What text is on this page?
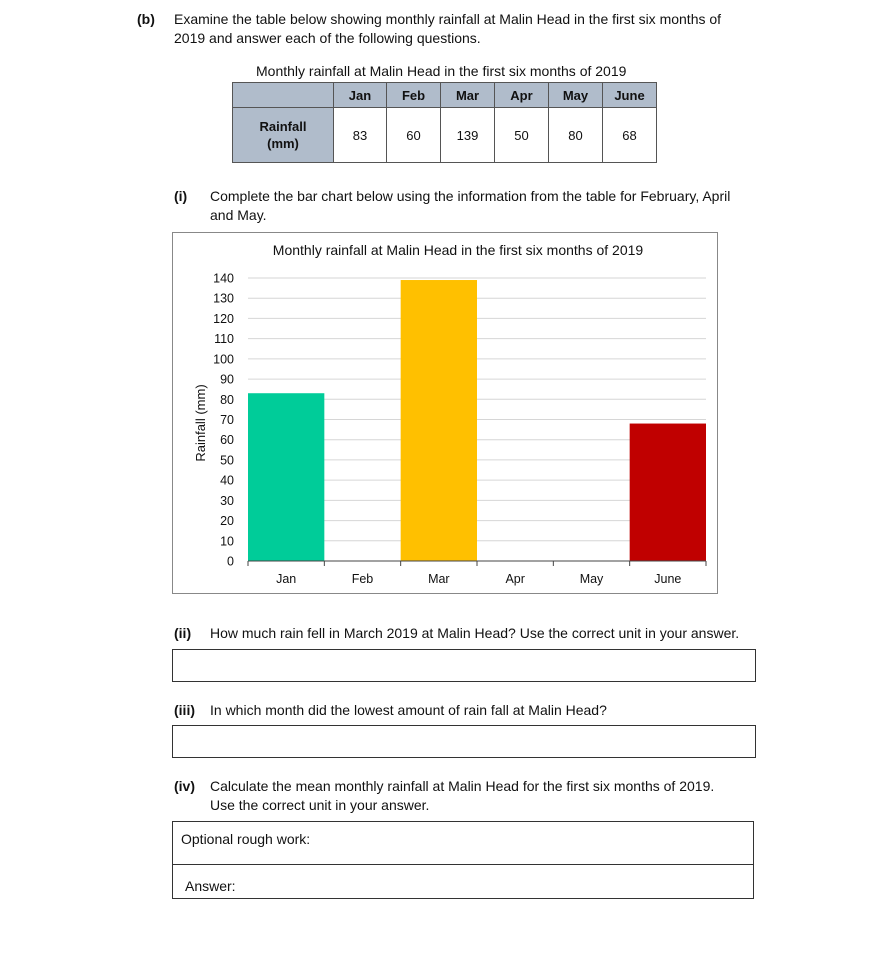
(b) Examine the table below showing monthly rainfall at Malin Head in the first six months of
2019 and answer each of the following questions.
Monthly rainfall at Malin Head in the first six months of 2019
	Jan	Feb	Mar	Apr	May	June
Rainfall
(mm)	83	60	139	50	80	68
(i) Complete the bar chart below using the information from the table for February, April
and May.
Monthly rainfall at Malin Head in the first six months of 2019
Rainfall (mm)
0
10
20
30
40
50
60
70
80
90
100
110
120
130
140
Jan	Feb	Mar	Apr	May	June
(ii) How much rain fell in March 2019 at Malin Head? Use the correct unit in your answer.
(iii) In which month did the lowest amount of rain fall at Malin Head?
(iv) Calculate the mean monthly rainfall at Malin Head for the first six months of 2019.
Use the correct unit in your answer.
Optional rough work:
Answer:
